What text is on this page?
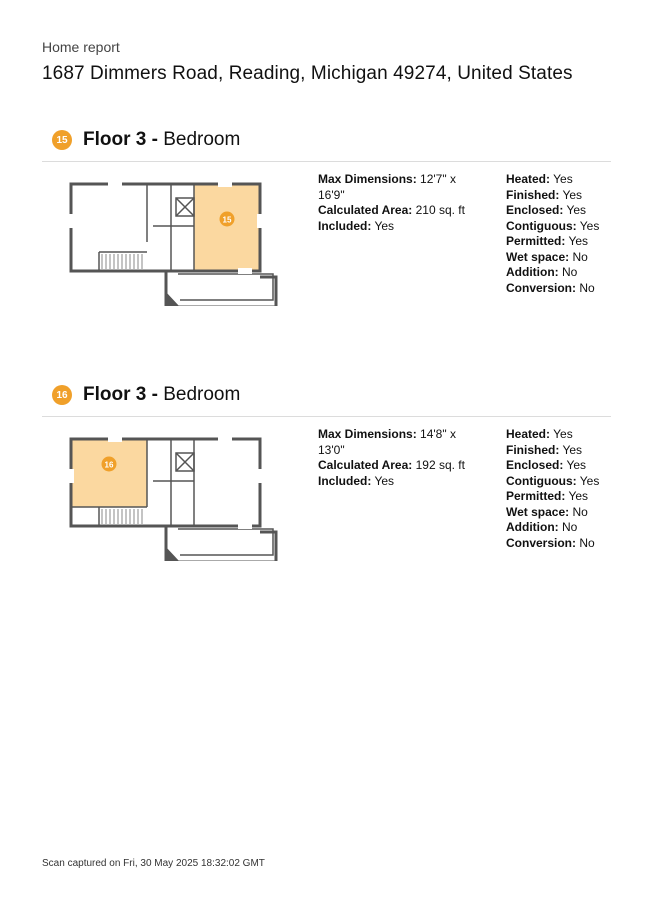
Home report
1687 Dimmers Road, Reading, Michigan 49274, United States
15 Floor 3 - Bedroom
15
Max Dimensions: 12'7" x 16'9"
Calculated Area: 210 sq. ft
Included: Yes
Heated: Yes
Finished: Yes
Enclosed: Yes
Contiguous: Yes
Permitted: Yes
Wet space: No
Addition: No
Conversion: No
16 Floor 3 - Bedroom
16
Max Dimensions: 14'8" x 13'0"
Calculated Area: 192 sq. ft
Included: Yes
Heated: Yes
Finished: Yes
Enclosed: Yes
Contiguous: Yes
Permitted: Yes
Wet space: No
Addition: No
Conversion: No
Scan captured on Fri, 30 May 2025 18:32:02 GMT
